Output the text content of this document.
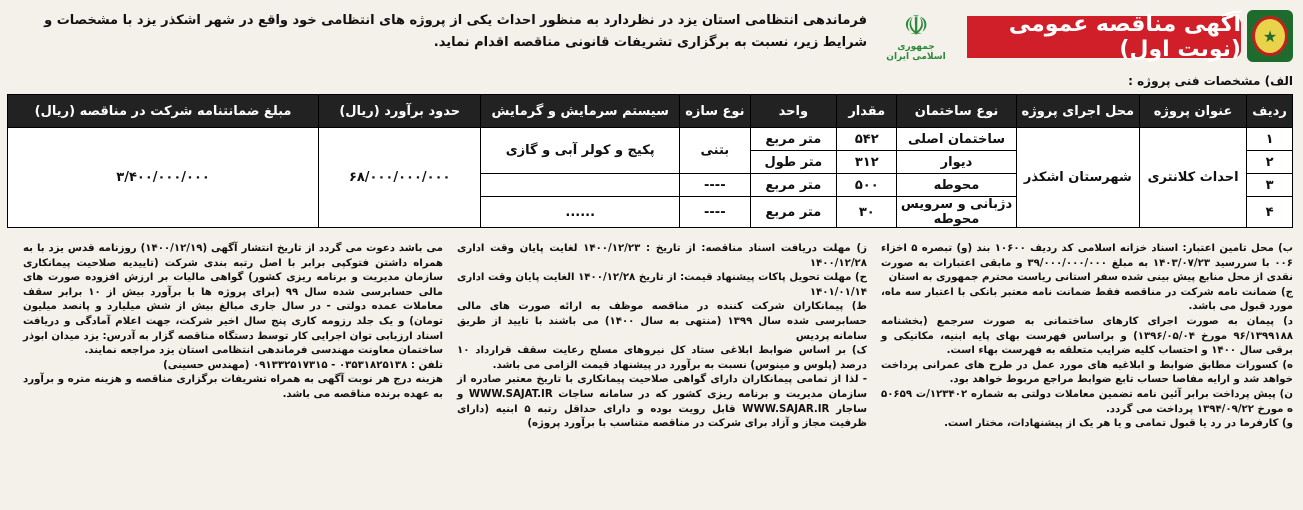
★
آگهی مناقصه عمومی (نوبت اول)
☫
جمهوری اسلامی ایران
فرماندهی انتظامی استان یزد در نظردارد به منظور احداث یکی از پروژه های انتظامی خود واقع در شهر اشکذر یزد با مشخصات و شرایط زیر، نسبت به برگزاری تشریفات قانونی مناقصه اقدام نماید.
الف) مشخصات فنی پروژه :
ردیف	عنوان پروژه	محل اجرای پروژه	نوع ساختمان	مقدار	واحد	نوع سازه	سیستم سرمایش و گرمایش	حدود برآورد (ریال)	مبلغ ضمانتنامه شرکت در مناقصه (ریال)
۱	احداث کلانتری	شهرستان اشکذر	ساختمان اصلی	۵۴۲	متر مربع	بتنی	پکیج و کولر آبی و گازی	۶۸/۰۰۰/۰۰۰/۰۰۰	۳/۴۰۰/۰۰۰/۰۰۰
۲			دیوار	۳۱۲	متر طول				
۳			محوطه	۵۰۰	متر مربع	----			
۴			دژبانی و سرویس محوطه	۳۰	متر مربع	----	......		

ب) محل تامین اعتبار: اسناد خزانه اسلامی کد ردیف ۱۰۶۰۰ بند (و) تبصره ۵ اخزاء ۰۰۶ با سررسید ۱۴۰۳/۰۷/۲۳ به مبلغ ۳۹/۰۰۰/۰۰۰/۰۰۰ و مابقی اعتبارات به صورت نقدی از محل منابع پیش بینی شده سفر استانی ریاست محترم جمهوری به استان

ج) ضمانت نامه شرکت در مناقصه فقط ضمانت نامه معتبر بانکی با اعتبار سه ماه، مورد قبول می باشد.

د) پیمان به صورت اجرای کارهای ساختمانی به صورت سرجمع (بخشنامه ۹۶/۱۳۹۹۱۸۸ مورخ ۱۳۹۶/۰۵/۰۴) و براساس فهرست بهای پایه ابنیه، مکانیکی و برقی سال ۱۴۰۰ و احتساب کلیه ضرایب متعلقه به فهرست بهاء است.

ه) کسورات مطابق ضوابط و ابلاغیه های مورد عمل در طرح های عمرانی پرداخت خواهد شد و ارایه مفاصا حساب تابع ضوابط مراجع مربوط خواهد بود.

ن) پیش پرداخت برابر آئین نامه تضمین معاملات دولتی به شماره ۱۲۳۴۰۲/ت ۵۰۶۵۹ ه مورخ ۱۳۹۴/۰۹/۲۲ پرداخت می گردد.

و) کارفرما در رد یا قبول تمامی و یا هر یک از پیشنهادات، مختار است.

ز) مهلت دریافت اسناد مناقصه: از تاریخ : ۱۴۰۰/۱۲/۲۳ لغایت پایان وقت اداری ۱۴۰۰/۱۲/۲۸

ح) مهلت تحویل پاکات پیشنهاد قیمت: از تاریخ ۱۴۰۰/۱۲/۲۸ الغایت پایان وقت اداری ۱۴۰۱/۰۱/۱۴

ط) پیمانکاران شرکت کننده در مناقصه موظف به ارائه صورت های مالی حسابرسی شده سال ۱۳۹۹ (منتهی به سال ۱۴۰۰) می باشند با تایید از طریق سامانه پردیس

ک) بر اساس ضوابط ابلاغی ستاد کل نیروهای مسلح رعایت سقف قرارداد ۱۰ درصد (پلوس و مینوس) نسبت به برآورد در پیشنهاد قیمت الزامی می باشد.

- لذا از تمامی پیمانکاران دارای گواهی صلاحیت پیمانکاری با تاریخ معتبر صادره از سازمان مدیریت و برنامه ریزی کشور که در سامانه ساجات WWW.SAJAT.IR و ساجار WWW.SAJAR.IR قابل رویت بوده و دارای حداقل رتبه ۵ ابنیه (دارای ظرفیت مجاز و آزاد برای شرکت در مناقصه متناسب با برآورد پروژه)

می باشد دعوت می گردد از تاریخ انتشار آگهی (۱۴۰۰/۱۲/۱۹) روزنامه قدس یزد با به همراه داشتن فتوکپی برابر با اصل رتبه بندی شرکت (تاییدیه صلاحیت پیمانکاری سازمان مدیریت و برنامه ریزی کشور) گواهی مالیات بر ارزش افزوده صورت های مالی حسابرسی شده سال ۹۹ (برای پروژه ها با برآورد بیش از ۱۰ برابر سقف معاملات عمده دولتی - در سال جاری مبالغ بیش از شش میلیارد و پانصد میلیون تومان) و یک جلد رزومه کاری پنج سال اخیر شرکت، جهت اعلام آمادگی و دریافت اسناد ارزیابی توان اجرایی کار توسط دستگاه مناقصه گزار به آدرس: یزد میدان ابوذر ساختمان معاونت مهندسی فرماندهی انتظامی استان یزد مراجعه نمایند.

تلفن : ۰۳۵۳۱۸۲۵۱۳۸ - ۰۹۱۳۳۲۵۱۷۳۱۵ (مهندس حسینی)

هزینه درج هر نوبت آگهی به همراه تشریفات برگزاری مناقصه و هزینه متره و برآورد به عهده برنده مناقصه می باشد.
